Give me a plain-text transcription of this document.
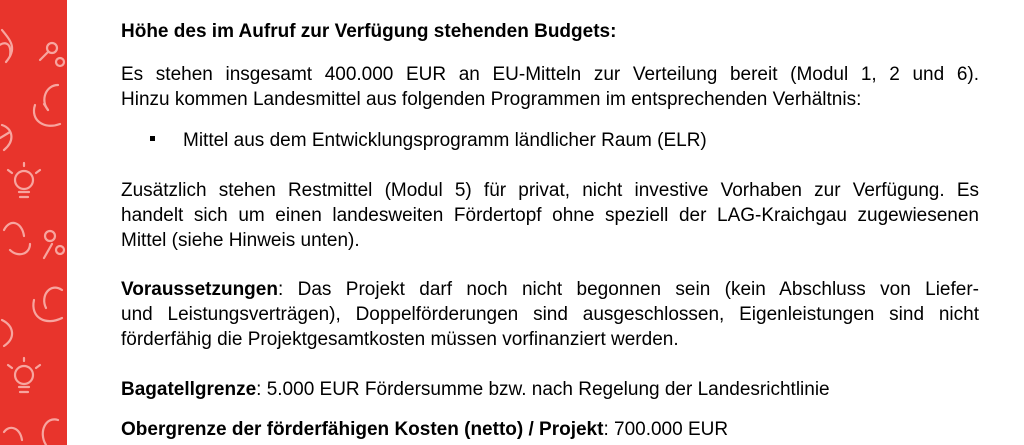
Höhe des im Aufruf zur Verfügung stehenden Budgets:
Es stehen insgesamt 400.000 EUR an EU-Mitteln zur Verteilung bereit (Modul 1, 2 und 6).
Hinzu kommen Landesmittel aus folgenden Programmen im entsprechenden Verhältnis:
Mittel aus dem Entwicklungsprogramm ländlicher Raum (ELR)
Zusätzlich stehen Restmittel (Modul 5) für privat, nicht investive Vorhaben zur Verfügung. Es
handelt sich um einen landesweiten Fördertopf ohne speziell der LAG-Kraichgau zugewiesenen
Mittel (siehe Hinweis unten).
Voraussetzungen: Das Projekt darf noch nicht begonnen sein (kein Abschluss von Liefer-
und Leistungsverträgen), Doppelförderungen sind ausgeschlossen, Eigenleistungen sind nicht
förderfähig die Projektgesamtkosten müssen vorfinanziert werden.
Bagatellgrenze: 5.000 EUR Fördersumme bzw. nach Regelung der Landesrichtlinie
Obergrenze der förderfähigen Kosten (netto) / Projekt: 700.000 EUR
